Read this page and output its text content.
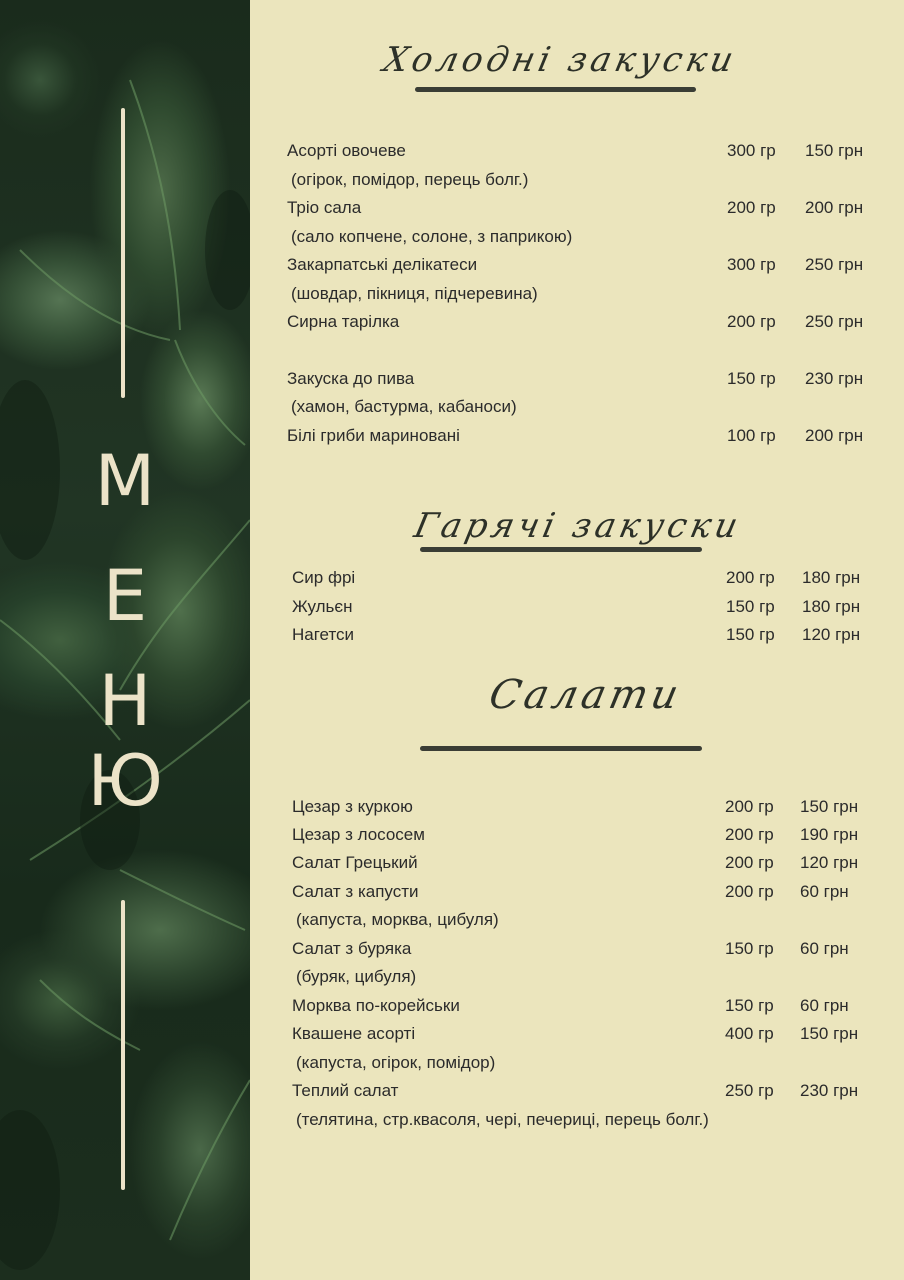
М
Е
Н
Ю
Холодні закуски
Гарячі закуски
Салати
Асорті овочеве	300 гр 150 грн
(огірок, помідор, перець болг.)
Тріо сала	200 гр 200 грн
(сало копчене, солоне, з паприкою)
Закарпатські делікатеси	300 гр 250 грн
(шовдар, пікниця, підчеревина)
Сирна тарілка	200 гр 250 грн
Закуска до пива	150 гр 230 грн
(хамон, бастурма, кабаноси)
Білі гриби мариновані	100 гр 200 грн
Сир фрі	200 гр 180 грн
Жульєн	150 гр 180 грн
Нагетси	150 гр 120 грн
Цезар з куркою	200 гр 150 грн
Цезар з лососем	200 гр 190 грн
Салат Грецький	200 гр 120 грн
Салат з капусти	200 гр 60 грн
(капуста, морква, цибуля)
Салат з буряка	150 гр 60 грн
(буряк, цибуля)
Морква по-корейськи	150 гр 60 грн
Квашене асорті	400 гр 150 грн
(капуста, огірок, помідор)
Теплий салат	250 гр 230 грн
(телятина, стр.квасоля, чері, печериці, перець болг.)
